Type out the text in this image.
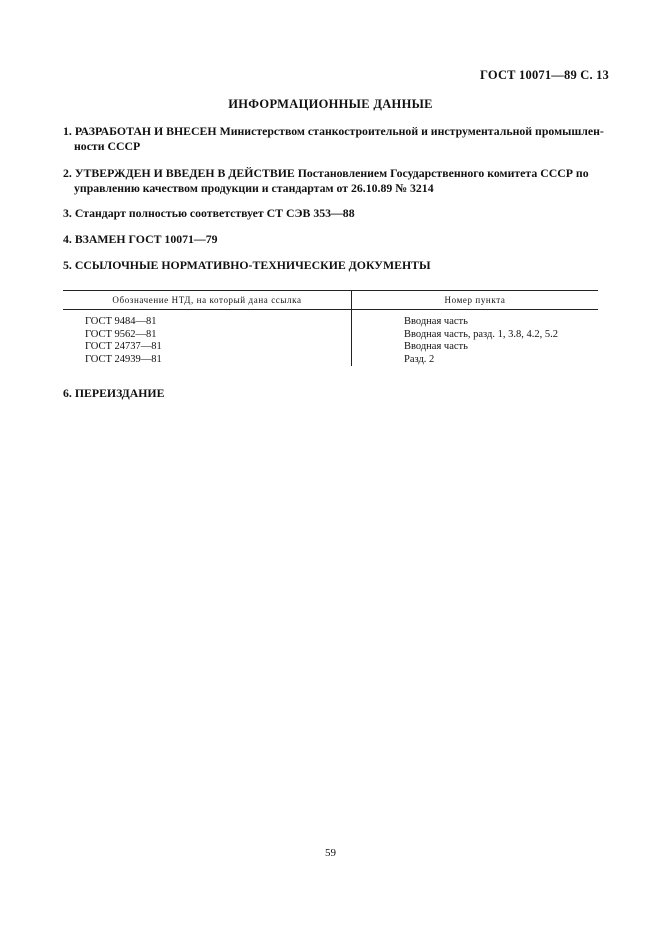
ГОСТ 10071—89 С. 13
ИНФОРМАЦИОННЫЕ ДАННЫЕ
1. РАЗРАБОТАН И ВНЕСЕН Министерством станкостроительной и инструментальной промышлен-
ности СССР
2. УТВЕРЖДЕН И ВВЕДЕН В ДЕЙСТВИЕ Постановлением Государственного комитета СССР по
управлению качеством продукции и стандартам от 26.10.89 № 3214
3. Стандарт полностью соответствует СТ СЭВ 353—88
4. ВЗАМЕН ГОСТ 10071—79
5. ССЫЛОЧНЫЕ НОРМАТИВНО-ТЕХНИЧЕСКИЕ ДОКУМЕНТЫ
Обозначение НТД, на который дана ссылка	Номер пункта
ГОСТ 9484—81	Вводная часть
ГОСТ 9562—81	Вводная часть, разд. 1, 3.8, 4.2, 5.2
ГОСТ 24737—81	Вводная часть
ГОСТ 24939—81	Разд. 2
6. ПЕРЕИЗДАНИЕ
59
